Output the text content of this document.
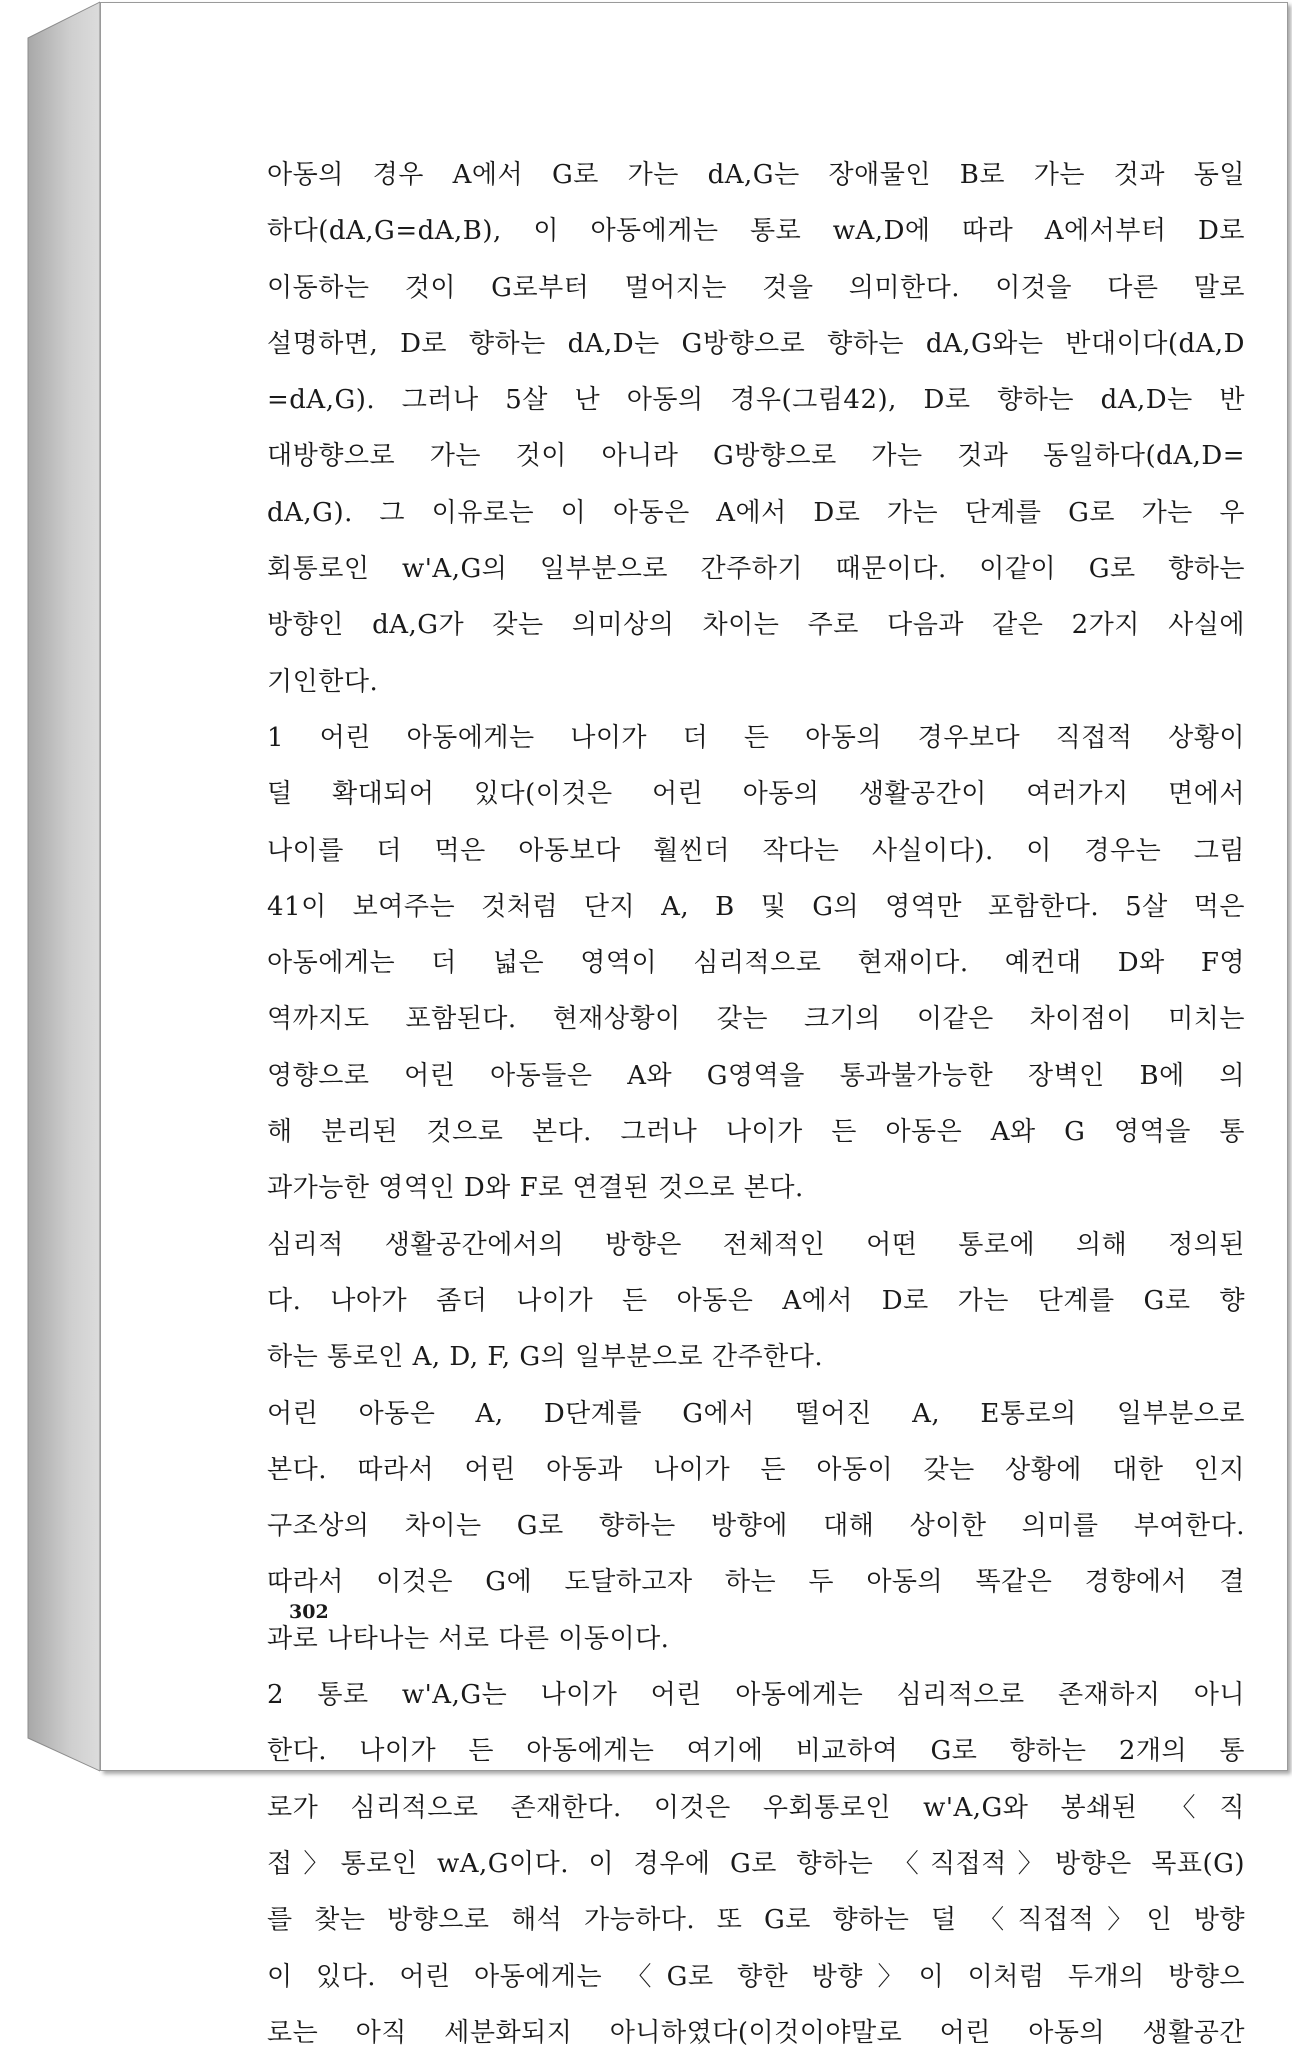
아동의 경우 A에서 G로 가는 dA,G는 장애물인 B로 가는 것과 동일
하다(dA,G=dA,B), 이 아동에게는 통로 wA,D에 따라 A에서부터 D로
이동하는 것이 G로부터 멀어지는 것을 의미한다. 이것을 다른 말로
설명하면, D로 향하는 dA,D는 G방향으로 향하는 dA,G와는 반대이다(dA,D
=dA,G). 그러나 5살 난 아동의 경우(그림42), D로 향하는 dA,D는 반
대방향으로 가는 것이 아니라 G방향으로 가는 것과 동일하다(dA,D=
dA,G). 그 이유로는 이 아동은 A에서 D로 가는 단계를 G로 가는 우
회통로인 w'A,G의 일부분으로 간주하기 때문이다. 이같이 G로 향하는
방향인 dA,G가 갖는 의미상의 차이는 주로 다음과 같은 2가지 사실에
기인한다.
1 어린 아동에게는 나이가 더 든 아동의 경우보다 직접적 상황이
덜 확대되어 있다(이것은 어린 아동의 생활공간이 여러가지 면에서
나이를 더 먹은 아동보다 훨씬더 작다는 사실이다). 이 경우는 그림
41이 보여주는 것처럼 단지 A, B 및 G의 영역만 포함한다. 5살 먹은
아동에게는 더 넓은 영역이 심리적으로 현재이다. 예컨대 D와 F영
역까지도 포함된다. 현재상황이 갖는 크기의 이같은 차이점이 미치는
영향으로 어린 아동들은 A와 G영역을 통과불가능한 장벽인 B에 의
해 분리된 것으로 본다. 그러나 나이가 든 아동은 A와 G 영역을 통
과가능한 영역인 D와 F로 연결된 것으로 본다.
심리적 생활공간에서의 방향은 전체적인 어떤 통로에 의해 정의된
다. 나아가 좀더 나이가 든 아동은 A에서 D로 가는 단계를 G로 향
하는 통로인 A, D, F, G의 일부분으로 간주한다.
어린 아동은 A, D단계를 G에서 떨어진 A, E통로의 일부분으로
본다. 따라서 어린 아동과 나이가 든 아동이 갖는 상황에 대한 인지
구조상의 차이는 G로 향하는 방향에 대해 상이한 의미를 부여한다.
따라서 이것은 G에 도달하고자 하는 두 아동의 똑같은 경향에서 결
과로 나타나는 서로 다른 이동이다.
2 통로 w'A,G는 나이가 어린 아동에게는 심리적으로 존재하지 아니
한다. 나이가 든 아동에게는 여기에 비교하여 G로 향하는 2개의 통
로가 심리적으로 존재한다. 이것은 우회통로인 w'A,G와 봉쇄된 〈직
접〉통로인 wA,G이다. 이 경우에 G로 향하는 〈직접적〉방향은 목표(G)
를 찾는 방향으로 해석 가능하다. 또 G로 향하는 덜 〈직접적〉인 방향
이 있다. 어린 아동에게는 〈G로 향한 방향〉이 이처럼 두개의 방향으
로는 아직 세분화되지 아니하였다(이것이야말로 어린 아동의 생활공간
302
